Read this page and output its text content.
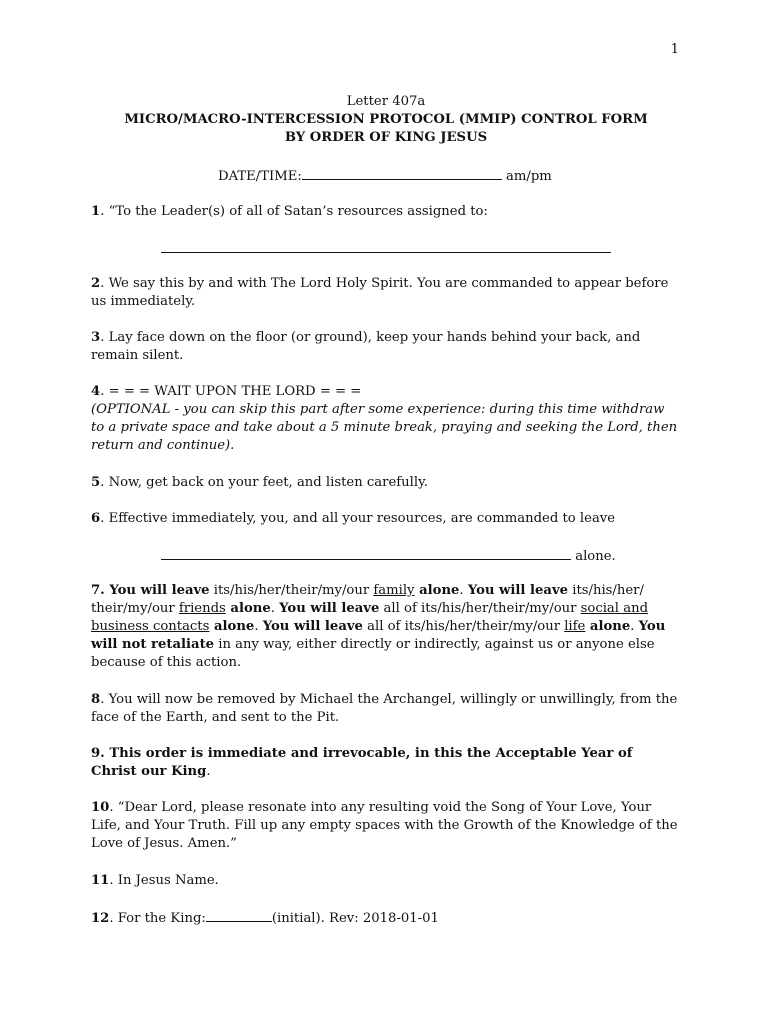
1
Letter 407a
MICRO/MACRO-INTERCESSION PROTOCOL (MMIP) CONTROL FORM
BY ORDER OF KING JESUS
DATE/TIME:	am/pm
1. “To the Leader(s) of all of Satan’s resources assigned to:
2. We say this by and with The Lord Holy Spirit. You are commanded to appear before us immediately.
3. Lay face down on the floor (or ground), keep your hands behind your back, and remain silent.
4. = = = WAIT UPON THE LORD = = =
(OPTIONAL - you can skip this part after some experience: during this time withdraw to a private space and take about a 5 minute break, praying and seeking the Lord, then return and continue).
5. Now, get back on your feet, and listen carefully.
6. Effective immediately, you, and all your resources, are commanded to leave
alone.
7. You will leave its/his/her/their/my/our family alone. You will leave its/his/her/ their/my/our friends alone. You will leave all of its/his/her/their/my/our social and business contacts alone. You will leave all of its/his/her/their/my/our life alone. You will not retaliate in any way, either directly or indirectly, against us or anyone else because of this action.
8. You will now be removed by Michael the Archangel, willingly or unwillingly, from the face of the Earth, and sent to the Pit.
9. This order is immediate and irrevocable, in this the Acceptable Year of Christ our King.
10. “Dear Lord, please resonate into any resulting void the Song of Your Love, Your Life, and Your Truth. Fill up any empty spaces with the Growth of the Knowledge of the Love of Jesus. Amen.”
11. In Jesus Name.
12. For the King:	(initial). Rev: 2018-01-01
